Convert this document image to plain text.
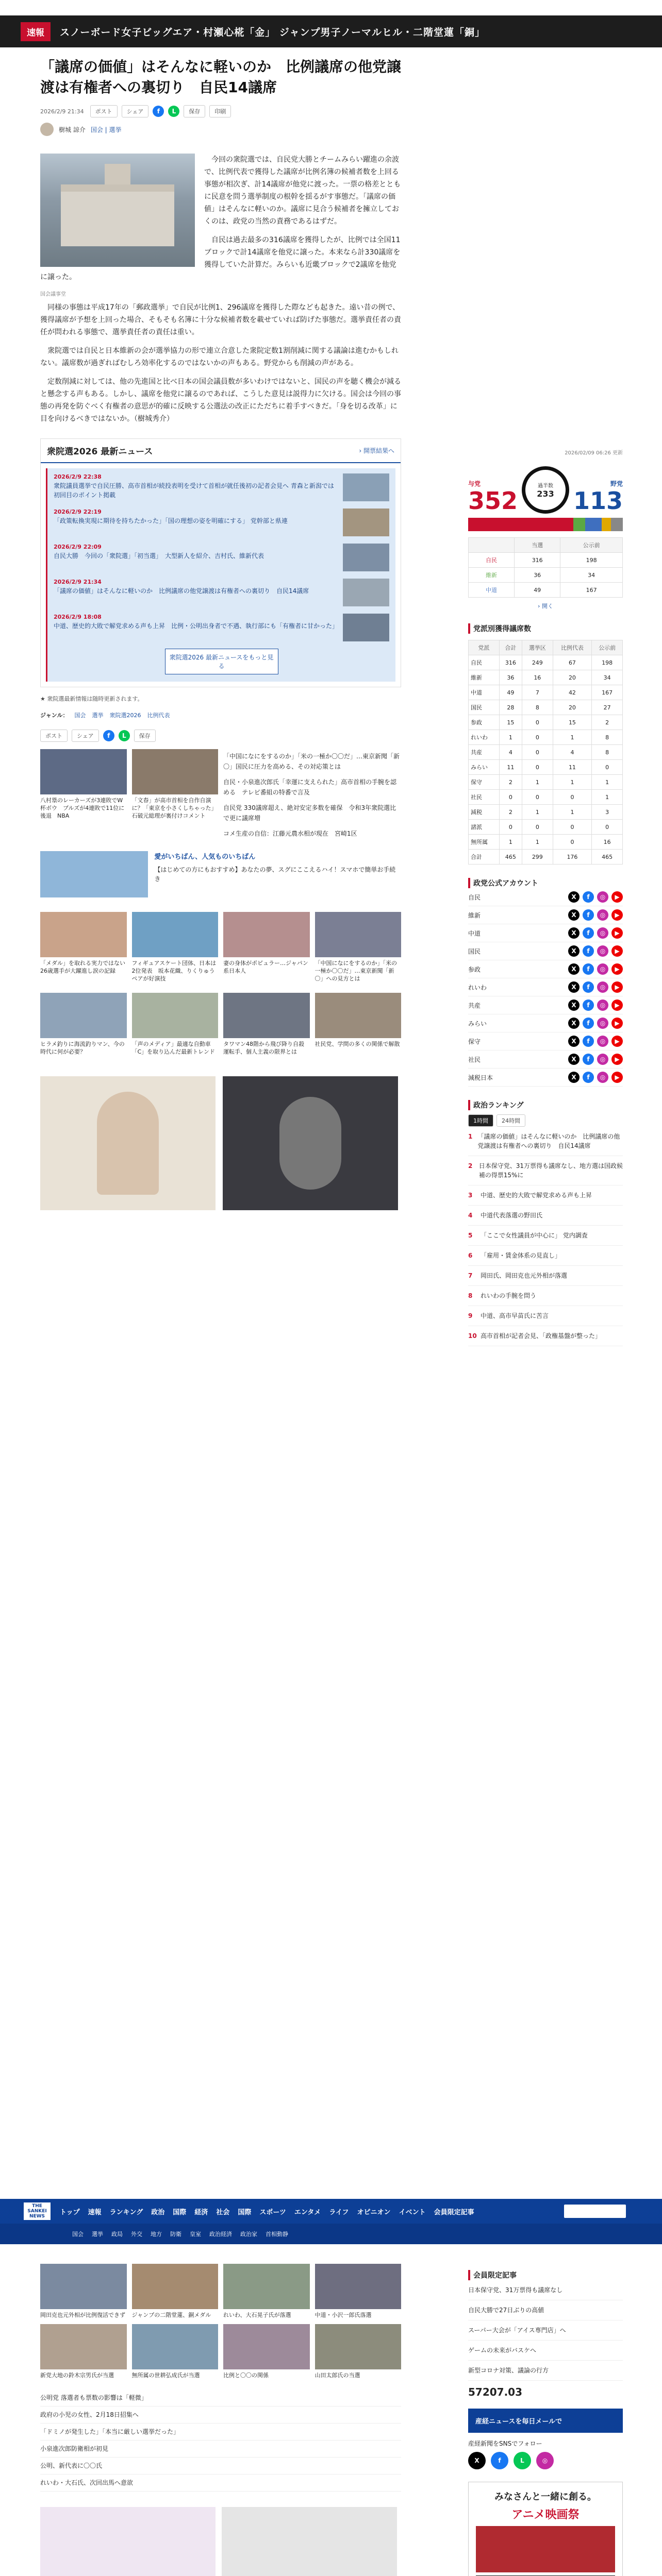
速報	スノーボード女子ビッグエア・村瀬心椛「金」 ジャンプ男子ノーマルヒル・二階堂蓮「銅」
「議席の価値」はそんなに軽いのか　比例議席の他党譲渡は有権者への裏切り　自民14議席
2026/2/9 21:34	ポスト	シェア	f	L	保存	印刷
樹城 諒介 国会 | 選挙

今回の衆院選では、自民党大勝とチームみらい躍進の余波で、比例代表で獲得した議席が比例名簿の候補者数を上回る事態が相次ぎ、計14議席が他党に渡った。一票の格差とともに民意を問う選挙制度の根幹を揺るがす事態だ。「議席の価値」はそんなに軽いのか。議席に見合う候補者を擁立しておくのは、政党の当然の責務であるはずだ。

自民は過去最多の316議席を獲得したが、比例では全国11ブロックで計14議席を他党に譲った。本来なら計330議席を獲得していた計算だ。みらいも近畿ブロックで2議席を他党に譲った。

国会議事堂

同様の事態は平成17年の「郵政選挙」で自民が比例1、296議席を獲得した際なども起きた。遠い昔の例で、獲得議席が予想を上回った場合、そもそも名簿に十分な候補者数を載せていれば防げた事態だ。選挙責任者の責任が問われる事態で、選挙責任者の責任は重い。

衆院選では自民と日本維新の会が選挙協力の形で連立合意した衆院定数1割削減に関する議論は進むかもしれない。議席数が過ぎればむしろ効率化するのではないかの声もある。野党からも削減の声がある。

定数削減に対しては、他の先進国と比べ日本の国会議員数が多いわけではないと、国民の声を聴く機会が減ると懸念する声もある。しかし、議席を他党に譲るのであれば、こうした意見は説得力に欠ける。国会は今回の事態の再発を防ぐべく有権者の意思が的確に反映する公選法の改正にただちに着手すべきだ。「身を切る改革」に目を向けるべきではないか。（樹城秀介）

衆院選2026 最新ニュース	› 開票結果へ
2026/2/9 22:38
衆院議員選挙で自民圧勝、高市首相が続投表明を受けて首相が就任後初の記者会見へ 青森と新潟では初回目のポイント掲載
2026/2/9 22:19
「政策転換実現に期待を持ちたかった」「国の理想の姿を明確にする」 党幹部と県連
2026/2/9 22:09
自民大勝　今回の「衆院選」「初当選」　大型新人を紹介、吉村氏、維新代表
2026/2/9 21:34
「議席の価値」はそんなに軽いのか　比例議席の他党譲渡は有権者への裏切り　自民14議席
2026/2/9 18:08
中道、歴史的大敗で解党求める声も上昇　比例・公明出身者で不遇、執行部にも「有権者に甘かった」
衆院選2026 最新ニュースをもっと見る
★ 衆院選最新情報は随時更新されます。
ジャンル： 国会 選挙 衆院選2026 比例代表
ポスト	シェア	f	L	保存
八村塁のレーカーズが3連敗でW杯ボウ　ブルズが4連敗で11位に後退　NBA
「文春」が高市首相を自作自演に？「東京を小さくしちゃった」石破元総理が裏付けコメント
「中国になにをするのか」「米の一極か〇〇だ」…東京新聞「新〇」国民に圧力を高める、その対応策とは
自民・小泉進次郎氏「幸運に支えられた」高市首相の手腕を認める　テレビ番組の特番で言及
自民党 330議席超え、絶対安定多数を確保　令和3年衆院選比で更に議席増
コメ生産の自信：江藤元農水相が現在　宮崎1区
愛がいちばん、人気ものいちばん
【はじめての方にもおすすめ】あなたの夢、スグにここえるハイ！スマホで簡単お手続き
「メダル」を取れる実力ではない 26歳選手が大躍進し涙の記録
フィギュアスケート団体、日本は2位発表　坂本花織、りくりゅうペアが好演技
妻の身体がポピュラー…ジャパン系日本人
「中国になにをするのか」「米の一極か〇〇だ」…東京新聞「新〇」への見方とは
ヒラメ釣りに海流釣りマン、今の時代に何が必要？
「声のメディア」最適な自動車「C」を取り込んだ最新トレンド
タワマン48階から飛び降り自殺　運転手、個人主義の限界とは
社民党、学問の多くの関係で解散
2026/02/09 06:26 更新
与党
352
過半数
233
野党
113
	当選	公示前
自民	316	198
維新	36	34
中道	49	167
› 開く
党派別獲得議席数
党派	合計	選挙区	比例代表	公示前
自民	316	249	67	198
維新	36	16	20	34
中道	49	7	42	167
国民	28	8	20	27
参政	15	0	15	2
れいわ	1	0	1	8
共産	4	0	4	8
みらい	11	0	11	0
保守	2	1	1	1
社民	0	0	0	1
減税	2	1	1	3
諸派	0	0	0	0
無所属	1	1	0	16
合計	465	299	176	465
政党公式アカウント
自民	X	f	◎	▶
維新	X	f	◎	▶
中道	X	f	◎	▶
国民	X	f	◎	▶
参政	X	f	◎	▶
れいわ	X	f	◎	▶
共産	X	f	◎	▶
みらい	X	f	◎	▶
保守	X	f	◎	▶
社民	X	f	◎	▶
減税日本	X	f	◎	▶
政治ランキング
1時間	24時間
1 「議席の価値」はそんなに軽いのか　比例議席の他党譲渡は有権者への裏切り　自民14議席
2 日本保守党、31万票得も議席なし、地方選は国政候補の得票15%に
3	中道、歴史的大敗で解党求める声も上昇
4	中道代表落選の野田氏
5	「ここで女性議員が中心に」 党内調査
6	「雇用・賃金体系の見直し」
7	岡田氏、岡田克也元外相が落選
8	れいわの手腕を問う
9	中道、高市早苗氏に苦言
10 高市首相が記者会見、「政権基盤が整った」
THE SANKEI NEWS
トップ 速報 ランキング 政治 国際 経済 社会 国際 スポーツ エンタメ ライフ オピニオン イベント 会員限定記事
国会 選挙 政局 外交 地方 防衛 皇室 政治経済 政治家 首相動静
岡田克也元外相が比例復活できず ジャンプの二階堂蓮、銅メダル	れいわ、大石晃子氏が落選	中道・小沢一郎氏落選
新党大地の鈴木宗男氏が当選	無所属の世耕弘成氏が当選	比例と〇〇の関係	山田太郎氏の当選
公明党 落選者も票数の影響は「軽微」
政府の小児の女性、2月18日招集へ
「ドミノが発生した」「本当に厳しい選挙だった」
小泉進次郎防衛相が初見
公明、新代表に〇〇氏
れいわ・大石氏、次回出馬へ意欲
会員限定記事
日本保守党、31万票得も議席なし
自民大勝で27日ぶりの高値
スーパー大会が「アイス専門店」へ
ゲームの未来がバスケへ
新型コロナ対策、議論の行方
57207.03
産経ニュースを毎日メールで
産経新聞をSNSでフォロー
X	f	L	◎
みなさんと一緒に創る。
アニメ映画祭
